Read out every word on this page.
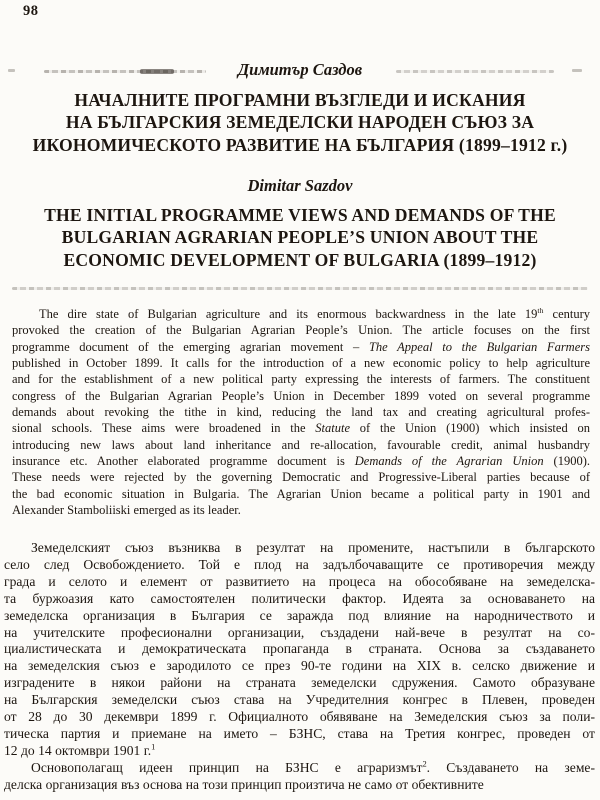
98
Димитър Саздов
НАЧАЛНИТЕ ПРОГРАМНИ ВЪЗГЛЕДИ И ИСКАНИЯ
НА БЪЛГАРСКИЯ ЗЕМЕДЕЛСКИ НАРОДЕН СЪЮЗ ЗА
ИКОНОМИЧЕСКОТО РАЗВИТИЕ НА БЪЛГАРИЯ (1899–1912 г.)
Dimitar Sazdov
THE INITIAL PROGRAMME VIEWS AND DEMANDS OF THE
BULGARIAN AGRARIAN PEOPLE’S UNION ABOUT THE
ECONOMIC DEVELOPMENT OF BULGARIA (1899–1912)
The dire state of Bulgarian agriculture and its enormous backwardness in the late 19th century
provoked the creation of the Bulgarian Agrarian People’s Union. The article focuses on the first
programme document of the emerging agrarian movement – The Appeal to the Bulgarian Farmers
published in October 1899. It calls for the introduction of a new economic policy to help agriculture
and for the establishment of a new political party expressing the interests of farmers. The constituent
congress of the Bulgarian Agrarian People’s Union in December 1899 voted on several programme
demands about revoking the tithe in kind, reducing the land tax and creating agricultural profes-
sional schools. These aims were broadened in the Statute of the Union (1900) which insisted on
introducing new laws about land inheritance and re-allocation, favourable credit, animal husbandry
insurance etc. Another elaborated programme document is Demands of the Agrarian Union (1900).
These needs were rejected by the governing Democratic and Progressive-Liberal parties because of
the bad economic situation in Bulgaria. The Agrarian Union became a political party in 1901 and
Alexander Stamboliiski emerged as its leader.
Земеделският съюз възниква в резултат на промените, настъпили в българското
село след Освобождението. Той е плод на задълбочаващите се противоречия между
града и селото и елемент от развитието на процеса на обособяване на земеделска-
та буржоазия като самостоятелен политически фактор. Идеята за основаването на
земеделска организация в България се заражда под влияние на народничеството и
на учителските професионални организации, създадени най-вече в резултат на со-
циалистическата и демократическата пропаганда в страната. Основа за създаването
на земеделския съюз е зародилото се през 90-те години на XIX в. селско движение и
изградените в някои райони на страната земеделски сдружения. Самото образуване
на Българския земеделски съюз става на Учредителния конгрес в Плевен, проведен
от 28 до 30 декември 1899 г. Официалното обявяване на Земеделския съюз за поли-
тическа партия и приемане на името – БЗНС, става на Третия конгрес, проведен от
12 до 14 октомври 1901 г.$^1$
Основополагащ идеен принцип на БЗНС е аграризмът$^2$. Създаването на земе-
делска организация въз основа на този принцип произтича не само от обективните
